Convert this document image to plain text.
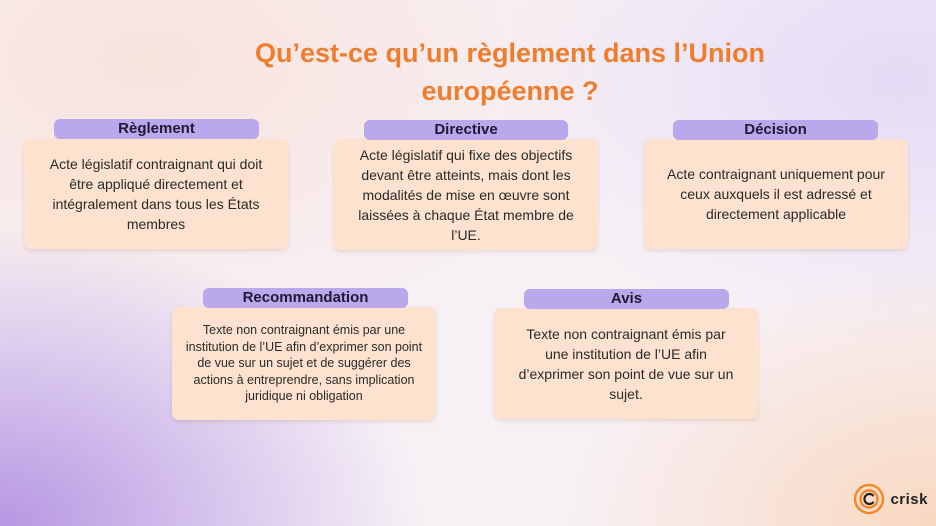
Qu’est-ce qu’un règlement dans l’Union européenne ?
Règlement

Acte législatif contraignant qui doit être appliqué directement et intégralement dans tous les États membres

Directive

Acte législatif qui fixe des objectifs devant être atteints, mais dont les modalités de mise en œuvre sont laissées à chaque État membre de l’UE.

Décision

Acte contraignant uniquement pour ceux auxquels il est adressé et directement applicable

Recommandation

Texte non contraignant émis par une institution de l’UE afin d’exprimer son point de vue sur un sujet et de suggérer des actions à entreprendre, sans implication juridique ni obligation

Avis

Texte non contraignant émis par une institution de l’UE afin d’exprimer son point de vue sur un sujet.

crisk
